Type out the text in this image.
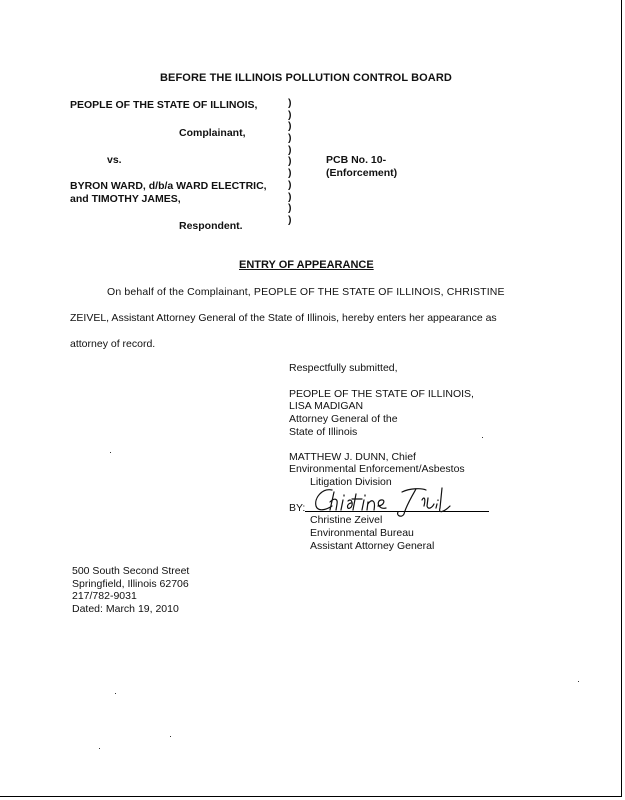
BEFORE THE ILLINOIS POLLUTION CONTROL BOARD
PEOPLE OF THE STATE OF ILLINOIS,
Complainant,
vs.
BYRON WARD, d/b/a WARD ELECTRIC,
and TIMOTHY JAMES,
Respondent.
)
)
)
)
)
)
)
)
)
)
)
PCB No. 10-
(Enforcement)
ENTRY OF APPEARANCE
On behalf of the Complainant, PEOPLE OF THE STATE OF ILLINOIS, CHRISTINE
ZEIVEL, Assistant Attorney General of the State of Illinois, hereby enters her appearance as
attorney of record.
Respectfully submitted,
PEOPLE OF THE STATE OF ILLINOIS,
LISA MADIGAN
Attorney General of the
State of Illinois
MATTHEW J. DUNN, Chief
Environmental Enforcement/Asbestos
Litigation Division
BY:
Christine Zeivel
Environmental Bureau
Assistant Attorney General
500 South Second Street
Springfield, Illinois 62706
217/782-9031
Dated: March 19, 2010
